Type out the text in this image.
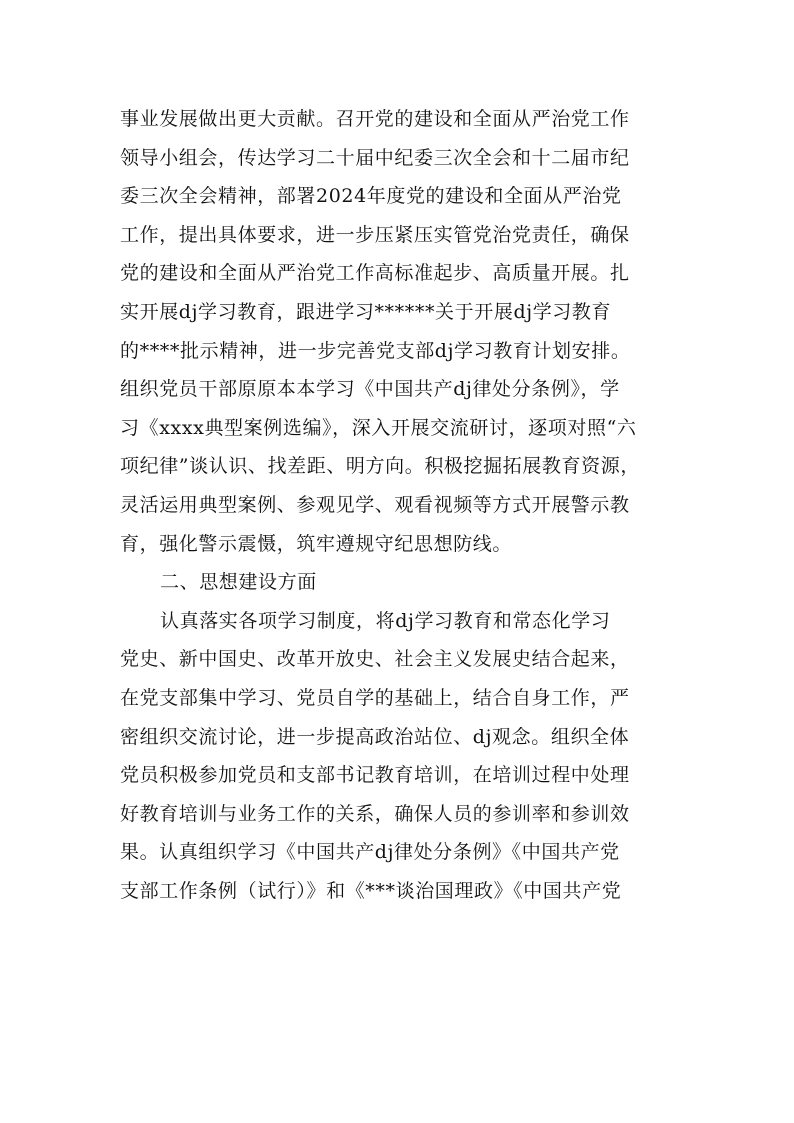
事业发展做出更大贡献。召开党的建设和全面从严治党工作
领导小组会，传达学习二十届中纪委三次全会和十二届市纪
委三次全会精神，部署2024年度党的建设和全面从严治党
工作，提出具体要求，进一步压紧压实管党治党责任，确保
党的建设和全面从严治党工作高标准起步、高质量开展。扎
实开展dj学习教育，跟进学习******关于开展dj学习教育
的****批示精神，进一步完善党支部dj学习教育计划安排。
组织党员干部原原本本学习《中国共产dj律处分条例》，学
习《xxxx典型案例选编》，深入开展交流研讨，逐项对照“六
项纪律”谈认识、找差距、明方向。积极挖掘拓展教育资源，
灵活运用典型案例、参观见学、观看视频等方式开展警示教
育，强化警示震慑，筑牢遵规守纪思想防线。
二、思想建设方面
认真落实各项学习制度，将dj学习教育和常态化学习
党史、新中国史、改革开放史、社会主义发展史结合起来，
在党支部集中学习、党员自学的基础上，结合自身工作，严
密组织交流讨论，进一步提高政治站位、dj观念。组织全体
党员积极参加党员和支部书记教育培训，在培训过程中处理
好教育培训与业务工作的关系，确保人员的参训率和参训效
果。认真组织学习《中国共产dj律处分条例》《中国共产党
支部工作条例（试行）》和《***谈治国理政》《中国共产党
